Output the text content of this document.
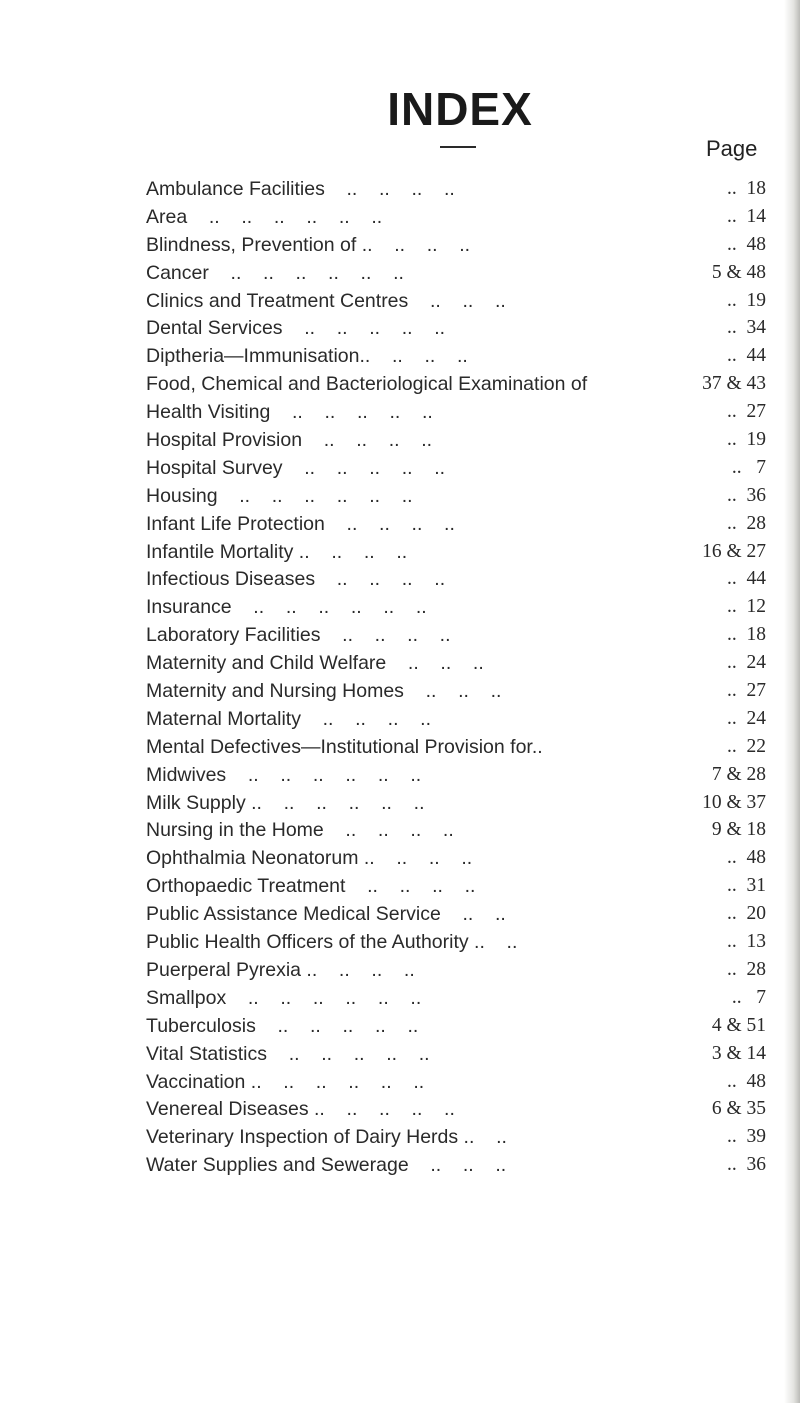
INDEX
Page
Ambulance Facilities    ..    ..    ..    ..	..  18
Area    ..    ..    ..    ..    ..    ..	..  14
Blindness, Prevention of ..    ..    ..    ..	..  48
Cancer    ..    ..    ..    ..    ..    ..	5 & 48
Clinics and Treatment Centres    ..    ..    ..	..  19
Dental Services    ..    ..    ..    ..    ..	..  34
Diptheria—Immunisation..    ..    ..    ..	..  44
Food, Chemical and Bacteriological Examination of	37 & 43
Health Visiting    ..    ..    ..    ..    ..	..  27
Hospital Provision    ..    ..    ..    ..	..  19
Hospital Survey    ..    ..    ..    ..    ..	..   7
Housing    ..    ..    ..    ..    ..    ..	..  36
Infant Life Protection    ..    ..    ..    ..	..  28
Infantile Mortality ..    ..    ..    ..	16 & 27
Infectious Diseases    ..    ..    ..    ..	..  44
Insurance    ..    ..    ..    ..    ..    ..	..  12
Laboratory Facilities    ..    ..    ..    ..	..  18
Maternity and Child Welfare    ..    ..    ..	..  24
Maternity and Nursing Homes    ..    ..    ..	..  27
Maternal Mortality    ..    ..    ..    ..	..  24
Mental Defectives—Institutional Provision for..	..  22
Midwives    ..    ..    ..    ..    ..    ..	7 & 28
Milk Supply ..    ..    ..    ..    ..    ..	10 & 37
Nursing in the Home    ..    ..    ..    ..	9 & 18
Ophthalmia Neonatorum ..    ..    ..    ..	..  48
Orthopaedic Treatment    ..    ..    ..    ..	..  31
Public Assistance Medical Service    ..    ..	..  20
Public Health Officers of the Authority ..    ..	..  13
Puerperal Pyrexia ..    ..    ..    ..	..  28
Smallpox    ..    ..    ..    ..    ..    ..	..   7
Tuberculosis    ..    ..    ..    ..    ..	4 & 51
Vital Statistics    ..    ..    ..    ..    ..	3 & 14
Vaccination ..    ..    ..    ..    ..    ..	..  48
Venereal Diseases ..    ..    ..    ..    ..	6 & 35
Veterinary Inspection of Dairy Herds ..    ..	..  39
Water Supplies and Sewerage    ..    ..    ..	..  36
